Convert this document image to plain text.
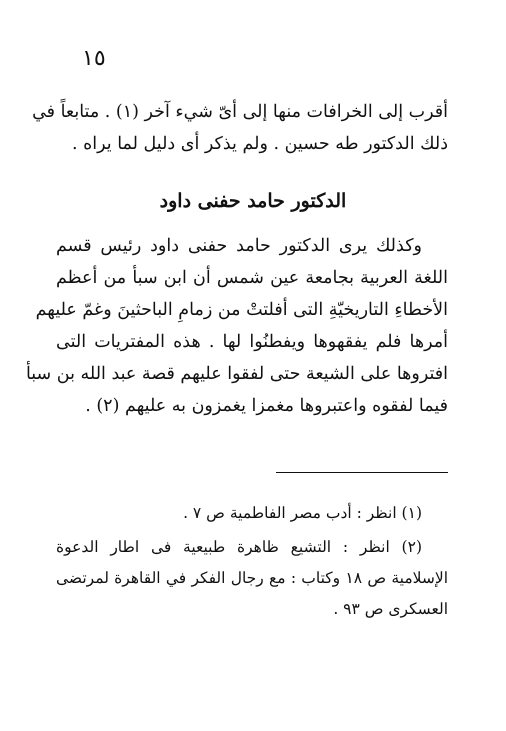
١٥
أقرب إلى الخرافات منها إلى أىّ شيء آخر (١) . متابعاً في
ذلك الدكتور طه حسين . ولم يذكر أى دليل لما يراه .
الدكتور حامد حفنى داود
وكذلك يرى الدكتور حامد حفنى داود رئيس قسم
اللغة العربية بجامعة عين شمس أن ابن سبأ من أعظم
الأخطاءِ التاريخيّةِ التى أفلتتْ من زمامِ الباحثينَ وغمّ عليهم
أمرها فلم يفقهوها ويفطنُوا لها . هذه المفتريات التى
افتروها على الشيعة حتى لفقوا عليهم قصة عبد الله بن سبأ
فيما لفقوه واعتبروها مغمزا يغمزون به عليهم (٢) .
(١) انظر : أدب مصر الفاطمية ص ٧ .
(٢) انظر : التشيع ظاهرة طبيعية فى اطار الدعوة
الإسلامية ص ١٨ وكتاب : مع رجال الفكر في القاهرة لمرتضى
العسكرى ص ٩٣ .
